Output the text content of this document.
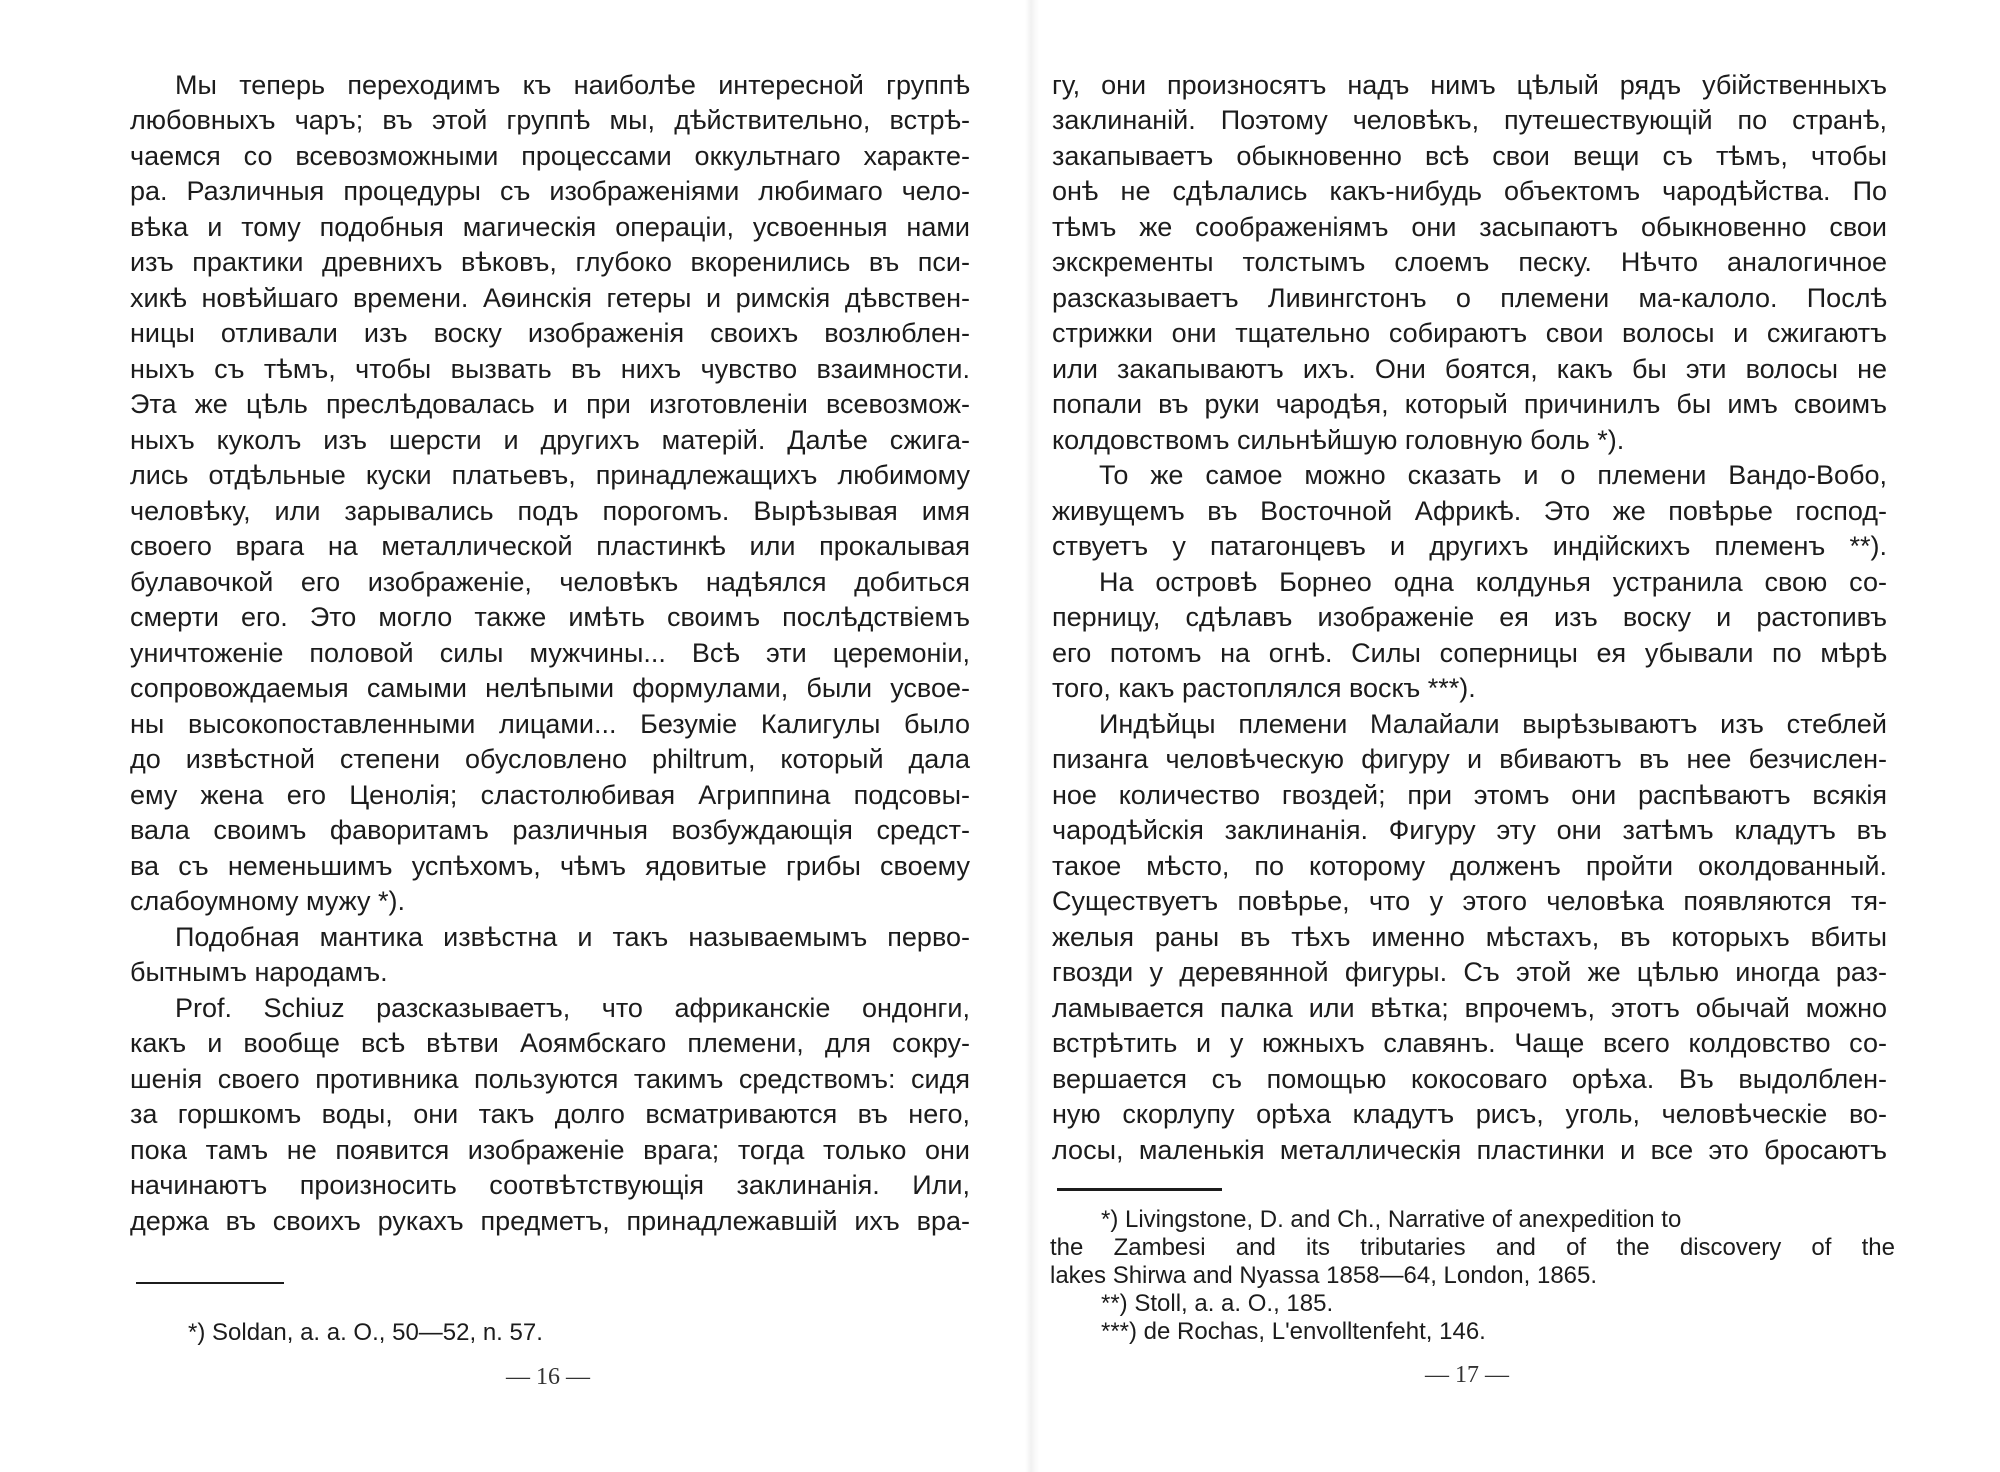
Мы теперь переходимъ къ наиболѣе интересной группѣ

любовныхъ чаръ; въ этой группѣ мы, дѣйствительно, встрѣ-

чаемся со всевозможными процессами оккультнаго характе-

ра. Различныя процедуры съ изображеніями любимаго чело-

вѣка и тому подобныя магическія операціи, усвоенныя нами

изъ практики древнихъ вѣковъ, глубоко вкоренились въ пси-

хикѣ новѣйшаго времени. Аѳинскія гетеры и римскія дѣвствен-

ницы отливали изъ воску изображенія своихъ возлюблен-

ныхъ съ тѣмъ, чтобы вызвать въ нихъ чувство взаимности.

Эта же цѣль преслѣдовалась и при изготовленіи всевозмож-

ныхъ куколъ изъ шерсти и другихъ матерій. Далѣе сжига-

лись отдѣльные куски платьевъ, принадлежащихъ любимому

человѣку, или зарывались подъ порогомъ. Вырѣзывая имя

своего врага на металлической пластинкѣ или прокалывая

булавочкой его изображеніе, человѣкъ надѣялся добиться

смерти его. Это могло также имѣть своимъ послѣдствіемъ

уничтоженіе половой силы мужчины... Всѣ эти церемоніи,

сопровождаемыя самыми нелѣпыми формулами, были усвое-

ны высокопоставленными лицами... Безуміе Калигулы было

до извѣстной степени обусловлено philtrum, который дала

ему жена его Ценолія; сластолюбивая Агриппина подсовы-

вала своимъ фаворитамъ различныя возбуждающія средст-

ва съ неменьшимъ успѣхомъ, чѣмъ ядовитые грибы своему

слабоумному мужу *).

Подобная мантика извѣстна и такъ называемымъ перво-

бытнымъ народамъ.

Prof. Schiuz разсказываетъ, что африканскіе ондонги,

какъ и вообще всѣ вѣтви Аоямбскаго племени, для сокру-

шенія своего противника пользуются такимъ средствомъ: сидя

за горшкомъ воды, они такъ долго всматриваются въ него,

пока тамъ не появится изображеніе врага; тогда только они

начинаютъ произносить соотвѣтствующія заклинанія. Или,

держа въ своихъ рукахъ предметъ, принадлежавшій ихъ вра-

*) Soldan, a. a. O., 50—52, n. 57.

— 16 —

гу, они произносятъ надъ нимъ цѣлый рядъ убійственныхъ

заклинаній. Поэтому человѣкъ, путешествующій по странѣ,

закапываетъ обыкновенно всѣ свои вещи съ тѣмъ, чтобы

онѣ не сдѣлались какъ-нибудь объектомъ чародѣйства. По

тѣмъ же соображеніямъ они засыпаютъ обыкновенно свои

экскременты толстымъ слоемъ песку. Нѣчто аналогичное

разсказываетъ Ливингстонъ о племени ма-калоло. Послѣ

стрижки они тщательно собираютъ свои волосы и сжигаютъ

или закапываютъ ихъ. Они боятся, какъ бы эти волосы не

попали въ руки чародѣя, который причинилъ бы имъ своимъ

колдовствомъ сильнѣйшую головную боль *).

То же самое можно сказать и о племени Вандо-Вобо,

живущемъ въ Восточной Африкѣ. Это же повѣрье господ-

ствуетъ у патагонцевъ и другихъ индійскихъ племенъ **).

На островѣ Борнео одна колдунья устранила свою со-

перницу, сдѣлавъ изображеніе ея изъ воску и растопивъ

его потомъ на огнѣ. Силы соперницы ея убывали по мѣрѣ

того, какъ растоплялся воскъ ***).

Индѣйцы племени Малайали вырѣзываютъ изъ стеблей

пизанга человѣческую фигуру и вбиваютъ въ нее безчислен-

ное количество гвоздей; при этомъ они распѣваютъ всякія

чародѣйскія заклинанія. Фигуру эту они затѣмъ кладутъ въ

такое мѣсто, по которому долженъ пройти околдованный.

Существуетъ повѣрье, что у этого человѣка появляются тя-

желыя раны въ тѣхъ именно мѣстахъ, въ которыхъ вбиты

гвозди у деревянной фигуры. Съ этой же цѣлью иногда раз-

ламывается палка или вѣтка; впрочемъ, этотъ обычай можно

встрѣтить и у южныхъ славянъ. Чаще всего колдовство со-

вершается съ помощью кокосоваго орѣха. Въ выдолблен-

ную скорлупу орѣха кладутъ рисъ, уголь, человѣческіе во-

лосы, маленькія металлическія пластинки и все это бросаютъ

*) Livingstone, D. and Ch., Narrative of anexpedition to

the Zambesi and its tributaries and of the discovery of the

lakes Shirwa and Nyassa 1858—64, London, 1865.

**) Stoll, a. a. O., 185.

***) de Rochas, L'envolltenfeht, 146.

— 17 —
